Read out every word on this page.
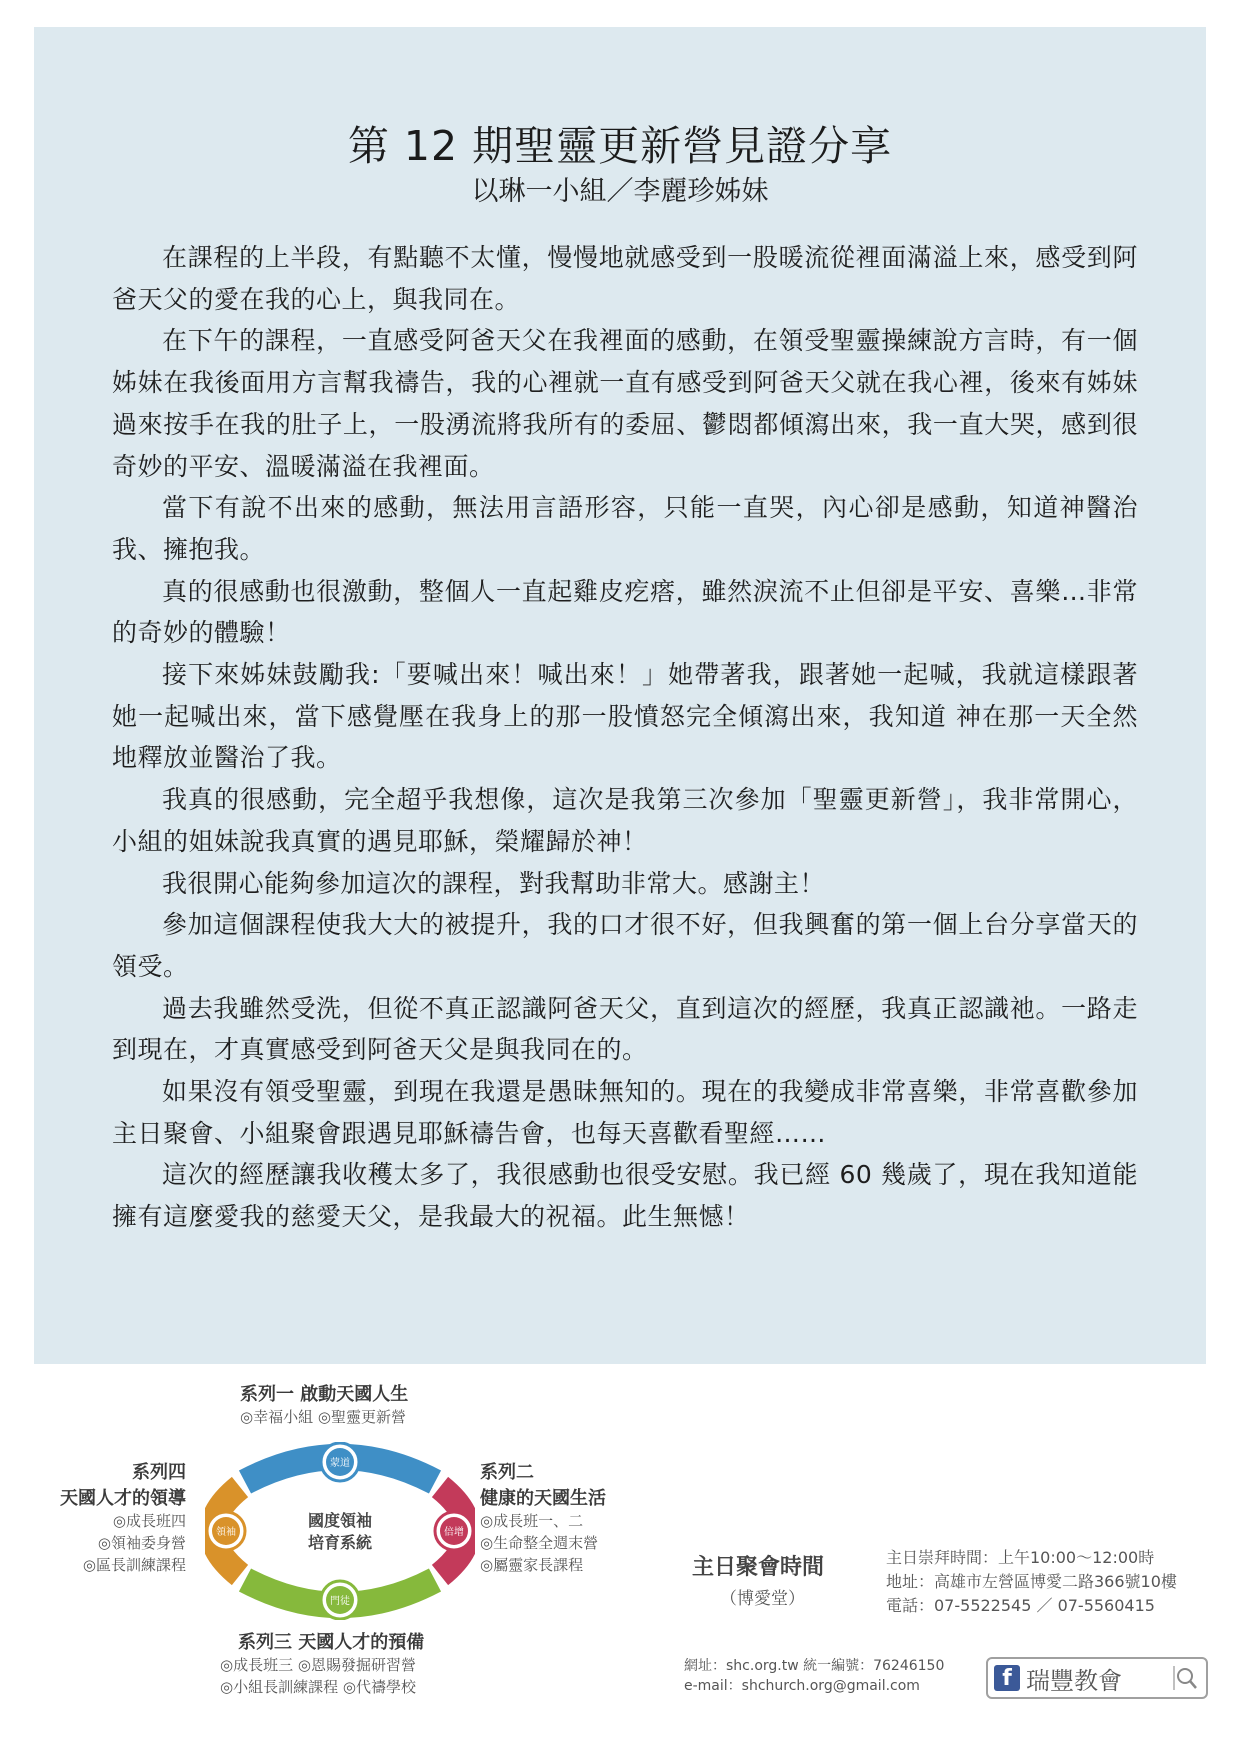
第 12 期聖靈更新營見證分享
以琳一小組／李麗珍姊妹

在課程的上半段，有點聽不太懂，慢慢地就感受到一股暖流從裡面滿溢上來，感受到阿爸天父的愛在我的心上，與我同在。

在下午的課程，一直感受阿爸天父在我裡面的感動，在領受聖靈操練說方言時，有一個姊妹在我後面用方言幫我禱告，我的心裡就一直有感受到阿爸天父就在我心裡，後來有姊妹過來按手在我的肚子上，一股湧流將我所有的委屈、鬱悶都傾瀉出來，我一直大哭，感到很奇妙的平安、溫暖滿溢在我裡面。

當下有說不出來的感動，無法用言語形容，只能一直哭，內心卻是感動，知道神醫治我、擁抱我。

真的很感動也很激動，整個人一直起雞皮疙瘩，雖然淚流不止但卻是平安、喜樂…非常的奇妙的體驗！

接下來姊妹鼓勵我:「要喊出來！喊出來！」她帶著我，跟著她一起喊，我就這樣跟著她一起喊出來，當下感覺壓在我身上的那一股憤怒完全傾瀉出來，我知道 神在那一天全然地釋放並醫治了我。

我真的很感動，完全超乎我想像，這次是我第三次參加「聖靈更新營」，我非常開心，小組的姐妹說我真實的遇見耶穌，榮耀歸於神！

我很開心能夠參加這次的課程，對我幫助非常大。感謝主！

參加這個課程使我大大的被提升，我的口才很不好，但我興奮的第一個上台分享當天的領受。

過去我雖然受洗，但從不真正認識阿爸天父，直到這次的經歷，我真正認識祂。一路走到現在，才真實感受到阿爸天父是與我同在的。

如果沒有領受聖靈，到現在我還是愚昧無知的。現在的我變成非常喜樂，非常喜歡參加主日聚會、小組聚會跟遇見耶穌禱告會，也每天喜歡看聖經……

這次的經歷讓我收穫太多了，我很感動也很受安慰。我已經 60 幾歲了，現在我知道能擁有這麼愛我的慈愛天父，是我最大的祝福。此生無憾！

系列一 啟動天國人生
◎幸福小組 ◎聖靈更新營
系列四
天國人才的領導
◎成長班四
◎領袖委身營
◎區長訓練課程
系列二
健康的天國生活
◎成長班一、二
◎生命整全週末營
◎屬靈家長課程
蒙道
領袖	倍增
門徒
國度領袖
培育系統
系列三 天國人才的預備
◎成長班三 ◎恩賜發掘研習營
◎小組長訓練課程 ◎代禱學校
主日聚會時間
（博愛堂）
主日崇拜時間：上午10:00～12:00時
地址：高雄市左營區博愛二路366號10樓
電話：07-5522545 ／ 07-5560415
網址：shc.org.tw 統一編號：76246150
e-mail：shchurch.org@gmail.com	f 瑞豐教會
